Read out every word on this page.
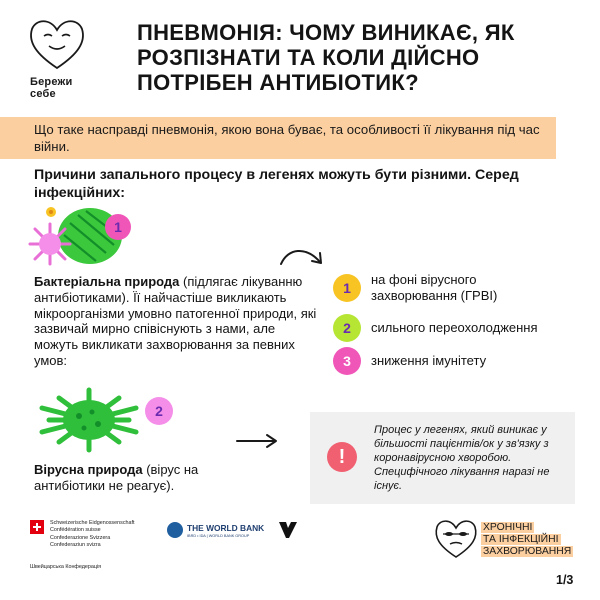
Бережи
себе
ПНЕВМОНІЯ: ЧОМУ ВИНИКАЄ, ЯК РОЗПІЗНАТИ ТА КОЛИ ДІЙСНО ПОТРІБЕН АНТИБІОТИК?
Що таке насправді пневмонія, якою вона буває, та особливості її лікування під час війни.
Причини запального процесу в легенях можуть бути різними. Серед інфекційних:
1
Бактеріальна природа (підлягає лікуванню антибіотиками). Її найчастіше викликають мікроорганізми умовно патогенної природи, які зазвичай мирно співіснують з нами, але можуть викликати захворювання за певних умов:
1
на фоні вірусного захворювання (ГРВІ)
2	сильного переохолодження
3	зниження імунітету
2
Вірусна природа (вірус на антибіотики не реагує).
!
Процес у легенях, який виникає у більшості пацієнтів/ок у зв'язку з коронавірусною хворобою. Специфічного лікування наразі не існує.
Schweizerische Eidgenossenschaft
Confédération suisse
Confederazione Svizzera
Confederaziun svizra
Швейцарська Конфедерація
THE WORLD BANK
IBRD • IDA | WORLD BANK GROUP
ХРОНІЧНІ
ТА ІНФЕКЦІЙНІ
ЗАХВОРЮВАННЯ
1/3
